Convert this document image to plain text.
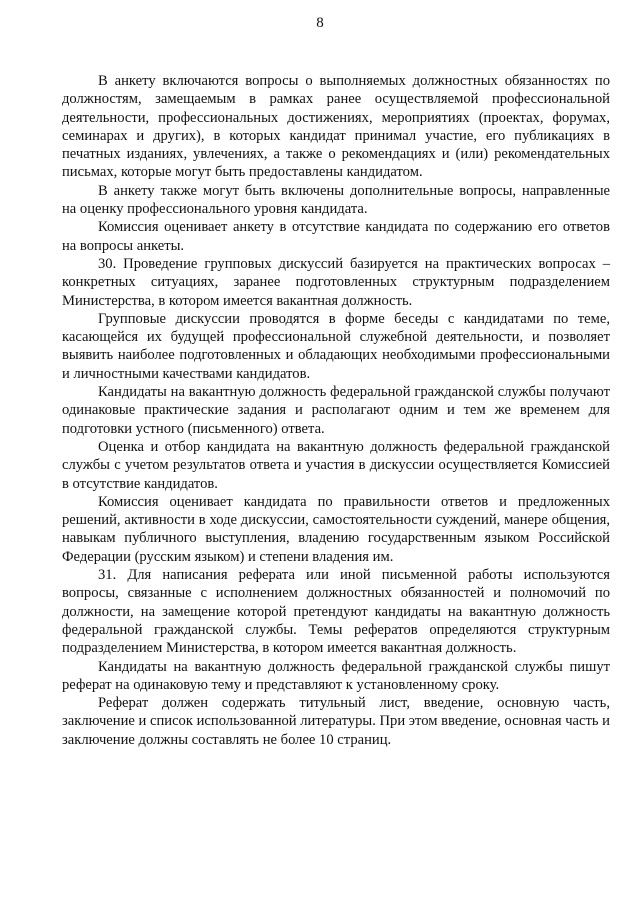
8

В анкету включаются вопросы о выполняемых должностных обязанностях по должностям, замещаемым в рамках ранее осуществляемой профессиональной деятельности, профессиональных достижениях, мероприятиях (проектах, форумах, семинарах и других), в которых кандидат принимал участие, его публикациях в печатных изданиях, увлечениях, а также о рекомендациях и (или) рекомендательных письмах, которые могут быть предоставлены кандидатом.

В анкету также могут быть включены дополнительные вопросы, направленные на оценку профессионального уровня кандидата.

Комиссия оценивает анкету в отсутствие кандидата по содержанию его ответов на вопросы анкеты.

30. Проведение групповых дискуссий базируется на практических вопросах – конкретных ситуациях, заранее подготовленных структурным подразделением Министерства, в котором имеется вакантная должность.

Групповые дискуссии проводятся в форме беседы с кандидатами по теме, касающейся их будущей профессиональной служебной деятельности, и позволяет выявить наиболее подготовленных и обладающих необходимыми профессиональными и личностными качествами кандидатов.

Кандидаты на вакантную должность федеральной гражданской службы получают одинаковые практические задания и располагают одним и тем же временем для подготовки устного (письменного) ответа.

Оценка и отбор кандидата на вакантную должность федеральной гражданской службы с учетом результатов ответа и участия в дискуссии осуществляется Комиссией в отсутствие кандидатов.

Комиссия оценивает кандидата по правильности ответов и предложенных решений, активности в ходе дискуссии, самостоятельности суждений, манере общения, навыкам публичного выступления, владению государственным языком Российской Федерации (русским языком) и степени владения им.

31. Для написания реферата или иной письменной работы используются вопросы, связанные с исполнением должностных обязанностей и полномочий по должности, на замещение которой претендуют кандидаты на вакантную должность федеральной гражданской службы. Темы рефератов определяются структурным подразделением Министерства, в котором имеется вакантная должность.

Кандидаты на вакантную должность федеральной гражданской службы пишут реферат на одинаковую тему и представляют к установленному сроку.

Реферат должен содержать титульный лист, введение, основную часть, заключение и список использованной литературы. При этом введение, основная часть и заключение должны составлять не более 10 страниц.
